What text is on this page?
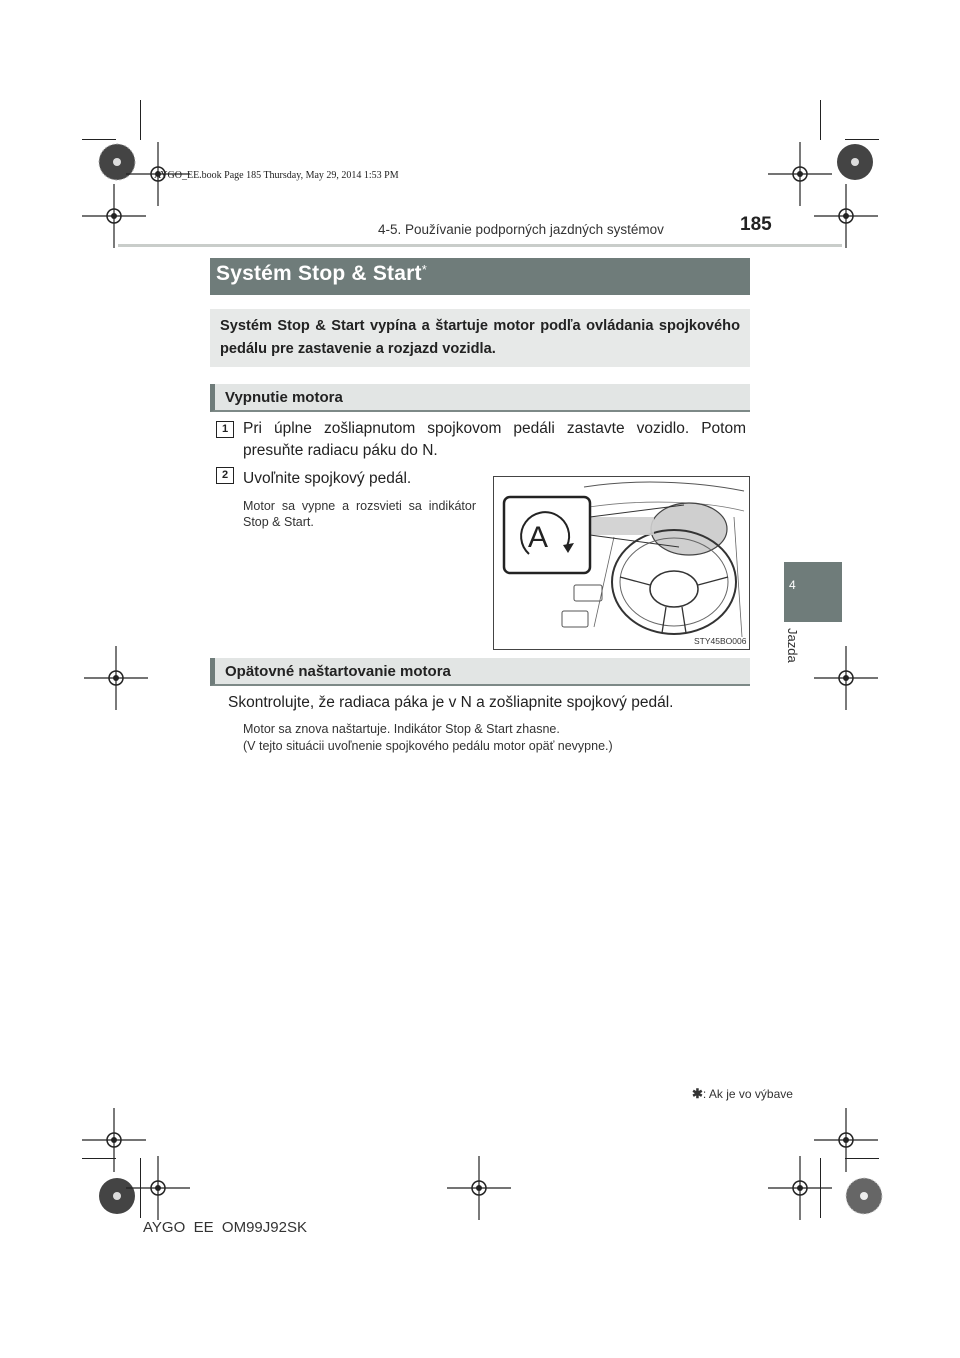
AYGO_EE.book Page 185 Thursday, May 29, 2014 1:53 PM
4-5. Používanie podporných jazdných systémov	185
4
Jazda
Systém Stop & Start*
Systém Stop & Start vypína a štartuje motor podľa ovládania spojkového pedálu pre zastavenie a rozjazd vozidla.
Vypnutie motora
1 Pri úplne zošliapnutom spojkovom pedáli zastavte vozidlo. Potom presuňte radiacu páku do N.
2 Uvoľnite spojkový pedál.
Motor sa vypne a rozsvieti sa indikátor Stop & Start.	A
STY45BO006
Opätovné naštartovanie motora
Skontrolujte, že radiaca páka je v N a zošliapnite spojkový pedál.
Motor sa znova naštartuje. Indikátor Stop & Start zhasne.
(V tejto situácii uvoľnenie spojkového pedálu motor opäť nevypne.)
✱: Ak je vo výbave
AYGO_EE_OM99J92SK
